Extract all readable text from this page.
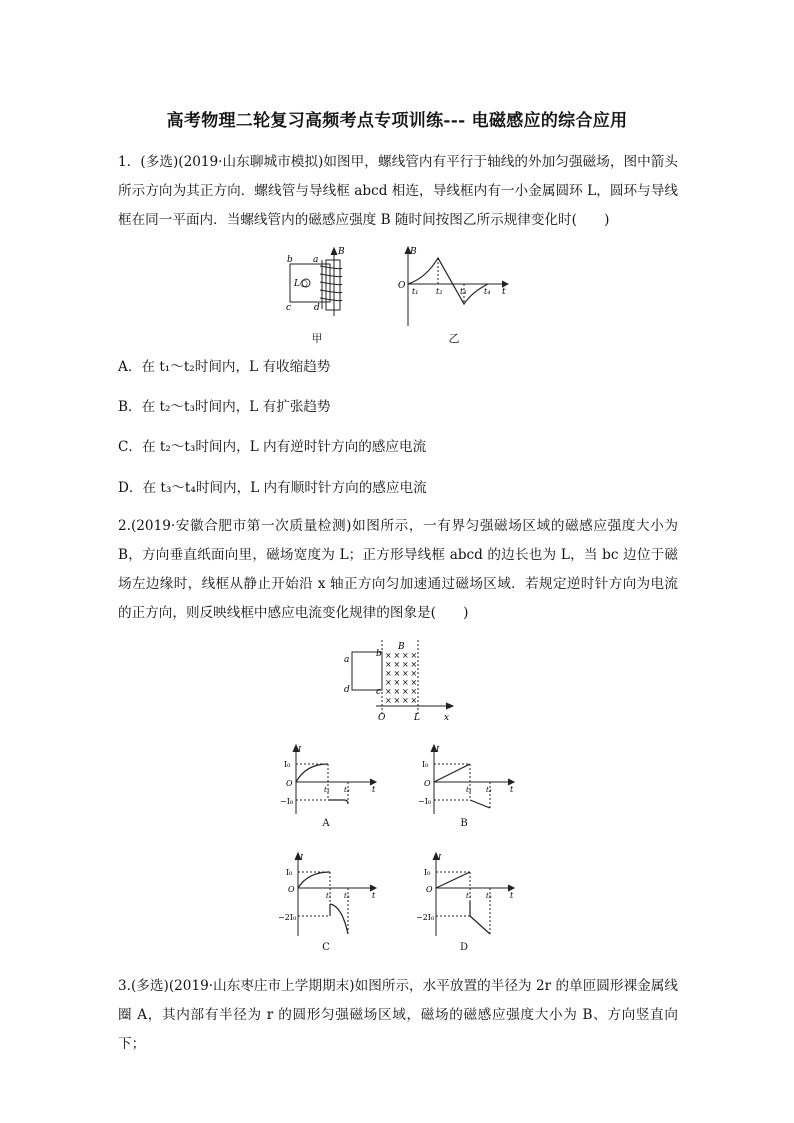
高考物理二轮复习高频考点专项训练--- 电磁感应的综合应用
1．(多选)(2019·山东聊城市模拟)如图甲，螺线管内有平行于轴线的外加匀强磁场，图中箭头所示方向为其正方向．螺线管与导线框 abcd 相连，导线框内有一小金属圆环 L，圆环与导线框在同一平面内．当螺线管内的磁感应强度 B 随时间按图乙所示规律变化时(　　)
b a
c	d
L○
B
甲
B
O
t
t₁ t₂ t₃ t₄
乙
A．在 t₁～t₂时间内，L 有收缩趋势
B．在 t₂～t₃时间内，L 有扩张趋势
C．在 t₂～t₃时间内，L 内有逆时针方向的感应电流
D．在 t₃～t₄时间内，L 内有顺时针方向的感应电流
2.(2019·安徽合肥市第一次质量检测)如图所示，一有界匀强磁场区域的磁感应强度大小为 B，方向垂直纸面向里，磁场宽度为 L；正方形导线框 abcd 的边长也为 L，当 bc 边位于磁场左边缘时，线框从静止开始沿 x 轴正方向匀加速通过磁场区域．若规定逆时针方向为电流的正方向，则反映线框中感应电流变化规律的图象是(　　)
× × × ×
× × × ×
× × × ×
× × × ×
× × × ×
× × × ×
a
b
c
d
B
O	L	x
I
I₀
O
−I₀
t₁ t₂	t
A
I
I₀
O
−I₀
t₁ t₂ t
B
I
I₀
O
−2I₀
t₁ t₂	t
C
I
I₀
O
−2I₀
t₁ t₂ t
D
3.(多选)(2019·山东枣庄市上学期期末)如图所示，水平放置的半径为 2r 的单匝圆形裸金属线圈 A，其内部有半径为 r 的圆形匀强磁场区域，磁场的磁感应强度大小为 B、方向竖直向下；
